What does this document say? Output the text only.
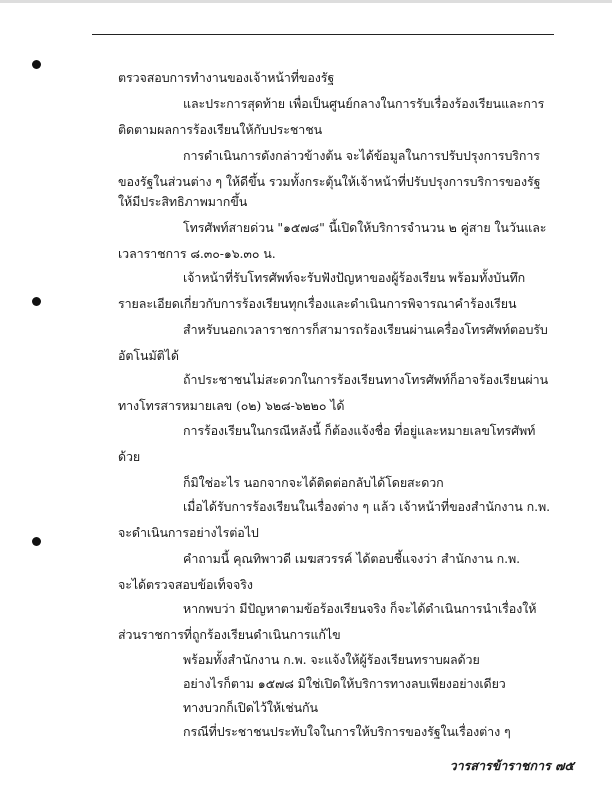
ตรวจสอบการทำงานของเจ้าหน้าที่ของรัฐ
และประการสุดท้าย เพื่อเป็นศูนย์กลางในการรับเรื่องร้องเรียนและการ
ติดตามผลการร้องเรียนให้กับประชาชน
การดำเนินการดังกล่าวข้างต้น จะได้ข้อมูลในการปรับปรุงการบริการ
ของรัฐในส่วนต่าง ๆ ให้ดีขึ้น รวมทั้งกระตุ้นให้เจ้าหน้าที่ปรับปรุงการบริการของรัฐ
ให้มีประสิทธิภาพมากขึ้น
โทรศัพท์สายด่วน "๑๕๗๘" นี้เปิดให้บริการจำนวน ๒ คู่สาย ในวันและ
เวลาราชการ ๘.๓๐-๑๖.๓๐ น.
เจ้าหน้าที่รับโทรศัพท์จะรับฟังปัญหาของผู้ร้องเรียน พร้อมทั้งบันทึก
รายละเอียดเกี่ยวกับการร้องเรียนทุกเรื่องและดำเนินการพิจารณาคำร้องเรียน
สำหรับนอกเวลาราชการก็สามารถร้องเรียนผ่านเครื่องโทรศัพท์ตอบรับ
อัตโนมัติได้
ถ้าประชาชนไม่สะดวกในการร้องเรียนทางโทรศัพท์ก็อาจร้องเรียนผ่าน
ทางโทรสารหมายเลข (๐๒) ๖๒๘-๖๒๒๐ ได้
การร้องเรียนในกรณีหลังนี้ ก็ต้องแจ้งชื่อ ที่อยู่และหมายเลขโทรศัพท์
ด้วย
ก็มิใช่อะไร นอกจากจะได้ติดต่อกลับได้โดยสะดวก
เมื่อได้รับการร้องเรียนในเรื่องต่าง ๆ แล้ว เจ้าหน้าที่ของสำนักงาน ก.พ.
จะดำเนินการอย่างไรต่อไป
คำถามนี้ คุณทิพาวดี เมฆสวรรค์ ได้ตอบชี้แจงว่า สำนักงาน ก.พ.
จะได้ตรวจสอบข้อเท็จจริง
หากพบว่า มีปัญหาตามข้อร้องเรียนจริง ก็จะได้ดำเนินการนำเรื่องให้
ส่วนราชการที่ถูกร้องเรียนดำเนินการแก้ไข
พร้อมทั้งสำนักงาน ก.พ. จะแจ้งให้ผู้ร้องเรียนทราบผลด้วย
อย่างไรก็ตาม ๑๕๗๘ มิใช่เปิดให้บริการทางลบเพียงอย่างเดียว
ทางบวกก็เปิดไว้ให้เช่นกัน
กรณีที่ประชาชนประทับใจในการให้บริการของรัฐในเรื่องต่าง ๆ
วารสารข้าราชการ ๗๕
